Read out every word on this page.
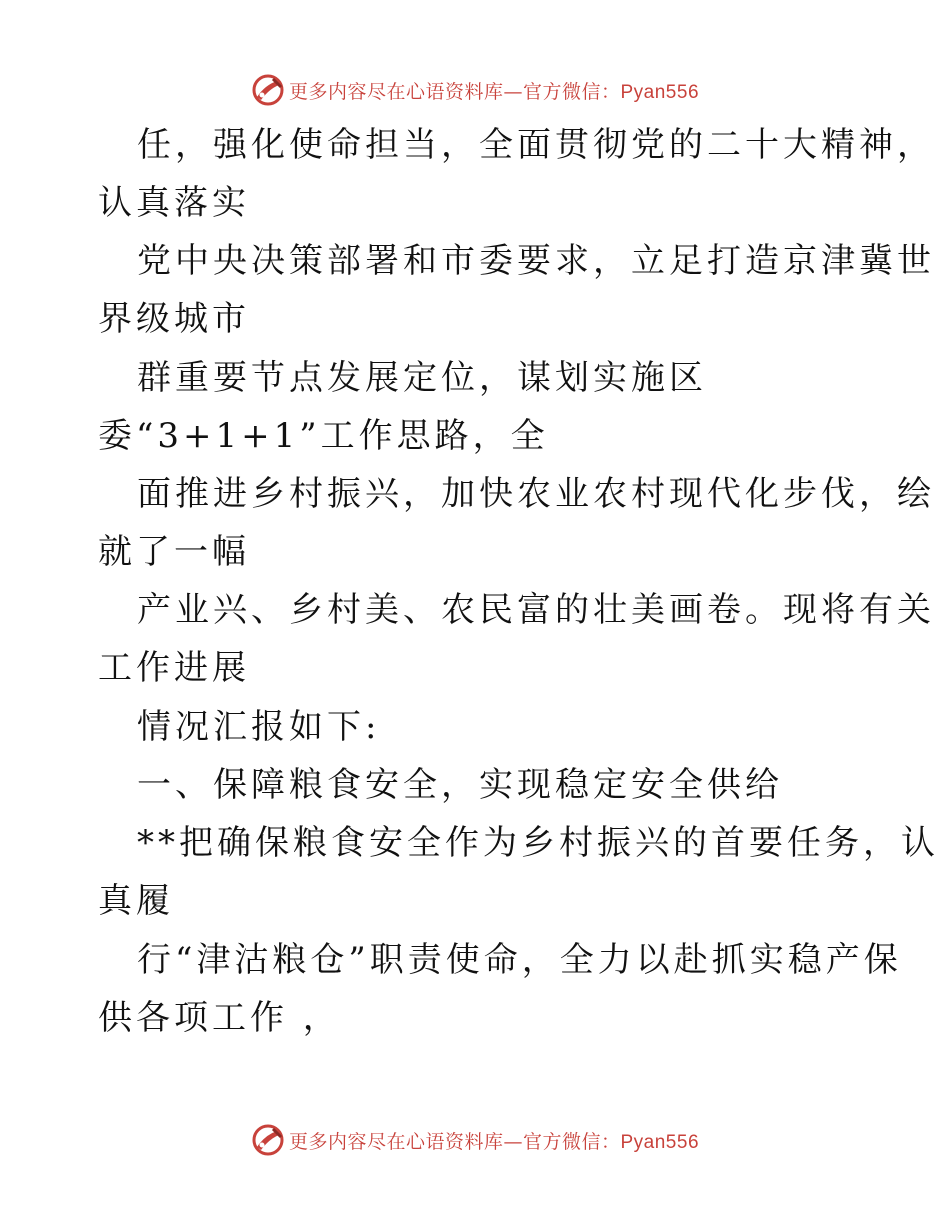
更多内容尽在心语资料库—官方微信：Pyan556
任，强化使命担当，全面贯彻党的二十大精神，
认真落实
党中央决策部署和市委要求，立足打造京津冀世
界级城市
群重要节点发展定位，谋划实施区
委“3+1+1”工作思路，全
面推进乡村振兴，加快农业农村现代化步伐，绘
就了一幅
产业兴、乡村美、农民富的壮美画卷。现将有关
工作进展
情况汇报如下:
一、保障粮食安全，实现稳定安全供给
**把确保粮食安全作为乡村振兴的首要任务，认
真履
行“津沽粮仓”职责使命，全力以赴抓实稳产保
供各项工作 ，
更多内容尽在心语资料库—官方微信：Pyan556
